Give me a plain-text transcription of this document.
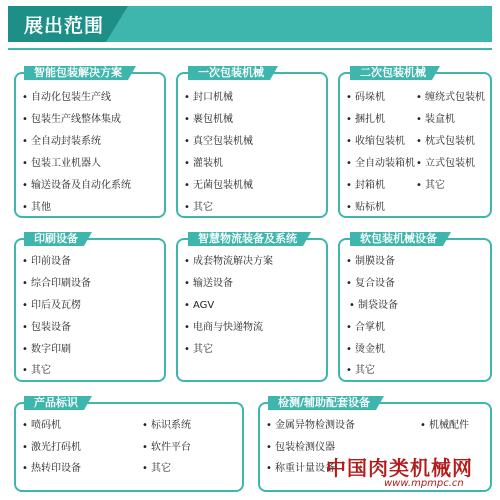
展出范围
智能包装解决方案
• 自动化包装生产线
• 包装生产线整体集成
• 全自动封装系统
• 包装工业机器人
• 输送设备及自动化系统
• 其他
一次包装机械
• 封口机械
• 裹包机械
• 真空包装机械
• 灌装机
• 无菌包装机械
• 其它
二次包装机械
• 码垛机	• 缠绕式包装机
• 捆扎机	• 装盒机
• 收缩包装机	• 枕式包装机
• 全自动装箱机	• 立式包装机
• 封箱机	• 其它
• 贴标机
印刷设备
• 印前设备
• 综合印刷设备
• 印后及瓦楞
• 包装设备
• 数字印刷
• 其它
智慧物流装备及系统
• 成套物流解决方案
• 输送设备
• AGV
• 电商与快递物流
• 其它
软包装机械设备
• 制膜设备
• 复合设备
• 制袋设备
• 合掌机
• 烫金机
• 其它
产品标识
• 喷码机	• 标识系统
• 激光打码机	• 软件平台
• 热转印设备	• 其它
检测/辅助配套设备
• 金属异物检测设备	• 机械配件
• 包装检测仪器
• 称重计量设备
中国肉类机械网
www.mpmpc.cn
